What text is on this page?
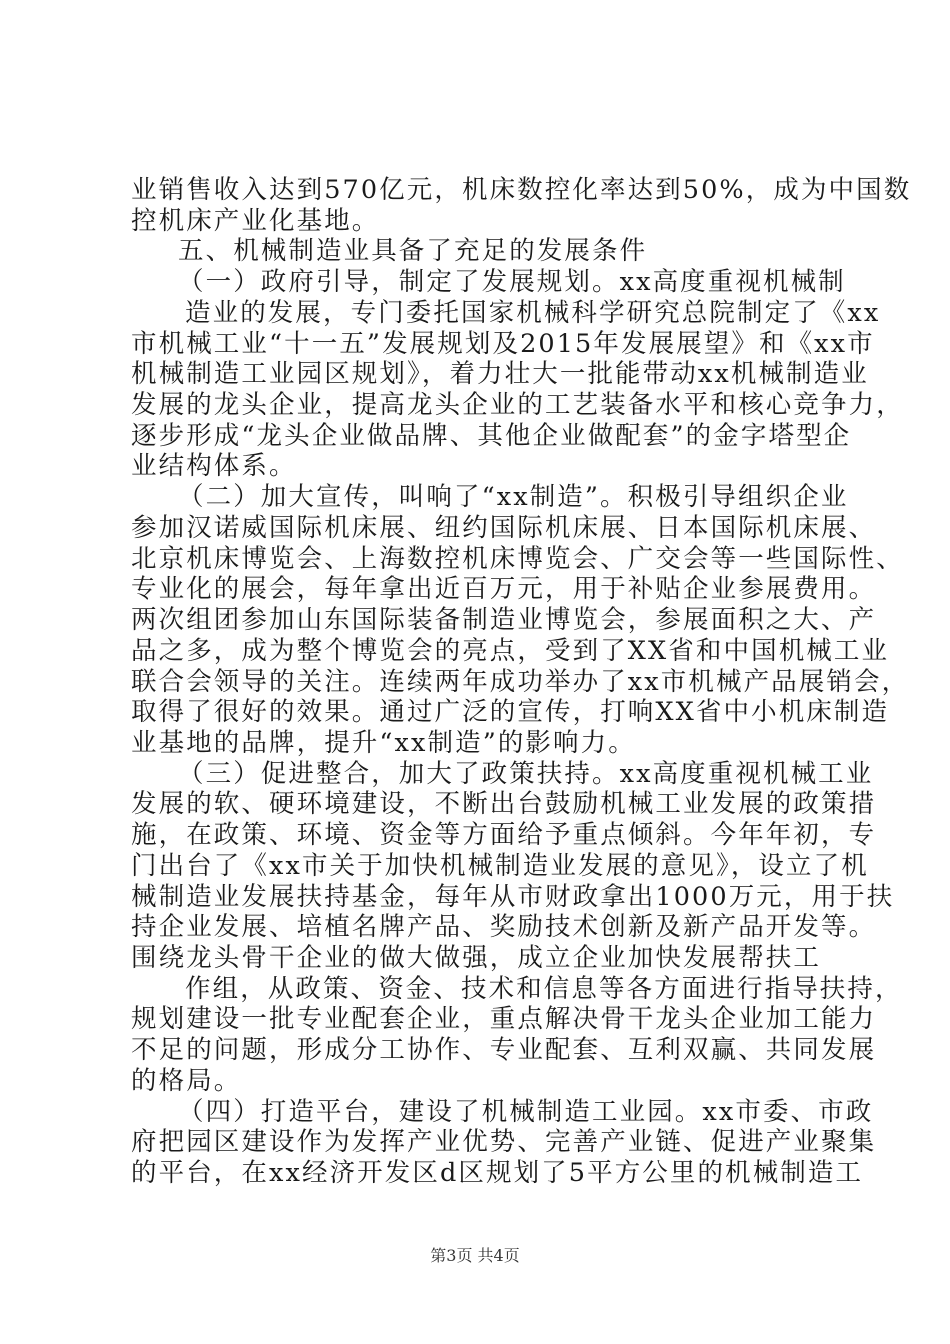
业销售收入达到570亿元，机床数控化率达到50%，成为中国数
控机床产业化基地。
五、机械制造业具备了充足的发展条件
（一）政府引导，制定了发展规划。xx高度重视机械制
造业的发展，专门委托国家机械科学研究总院制定了《xx
市机械工业“十一五”发展规划及2015年发展展望》和《xx市
机械制造工业园区规划》，着力壮大一批能带动xx机械制造业
发展的龙头企业，提高龙头企业的工艺装备水平和核心竞争力，
逐步形成“龙头企业做品牌、其他企业做配套”的金字塔型企
业结构体系。
（二）加大宣传，叫响了“xx制造”。积极引导组织企业
参加汉诺威国际机床展、纽约国际机床展、日本国际机床展、
北京机床博览会、上海数控机床博览会、广交会等一些国际性、
专业化的展会，每年拿出近百万元，用于补贴企业参展费用。
两次组团参加山东国际装备制造业博览会，参展面积之大、产
品之多，成为整个博览会的亮点，受到了XX省和中国机械工业
联合会领导的关注。连续两年成功举办了xx市机械产品展销会，
取得了很好的效果。通过广泛的宣传，打响XX省中小机床制造
业基地的品牌，提升“xx制造”的影响力。
（三）促进整合，加大了政策扶持。xx高度重视机械工业
发展的软、硬环境建设，不断出台鼓励机械工业发展的政策措
施，在政策、环境、资金等方面给予重点倾斜。今年年初，专
门出台了《xx市关于加快机械制造业发展的意见》，设立了机
械制造业发展扶持基金，每年从市财政拿出1000万元，用于扶
持企业发展、培植名牌产品、奖励技术创新及新产品开发等。
围绕龙头骨干企业的做大做强，成立企业加快发展帮扶工
作组，从政策、资金、技术和信息等各方面进行指导扶持，
规划建设一批专业配套企业，重点解决骨干龙头企业加工能力
不足的问题，形成分工协作、专业配套、互利双赢、共同发展
的格局。
（四）打造平台，建设了机械制造工业园。xx市委、市政
府把园区建设作为发挥产业优势、完善产业链、促进产业聚集
的平台，在xx经济开发区d区规划了5平方公里的机械制造工
第3页 共4页
